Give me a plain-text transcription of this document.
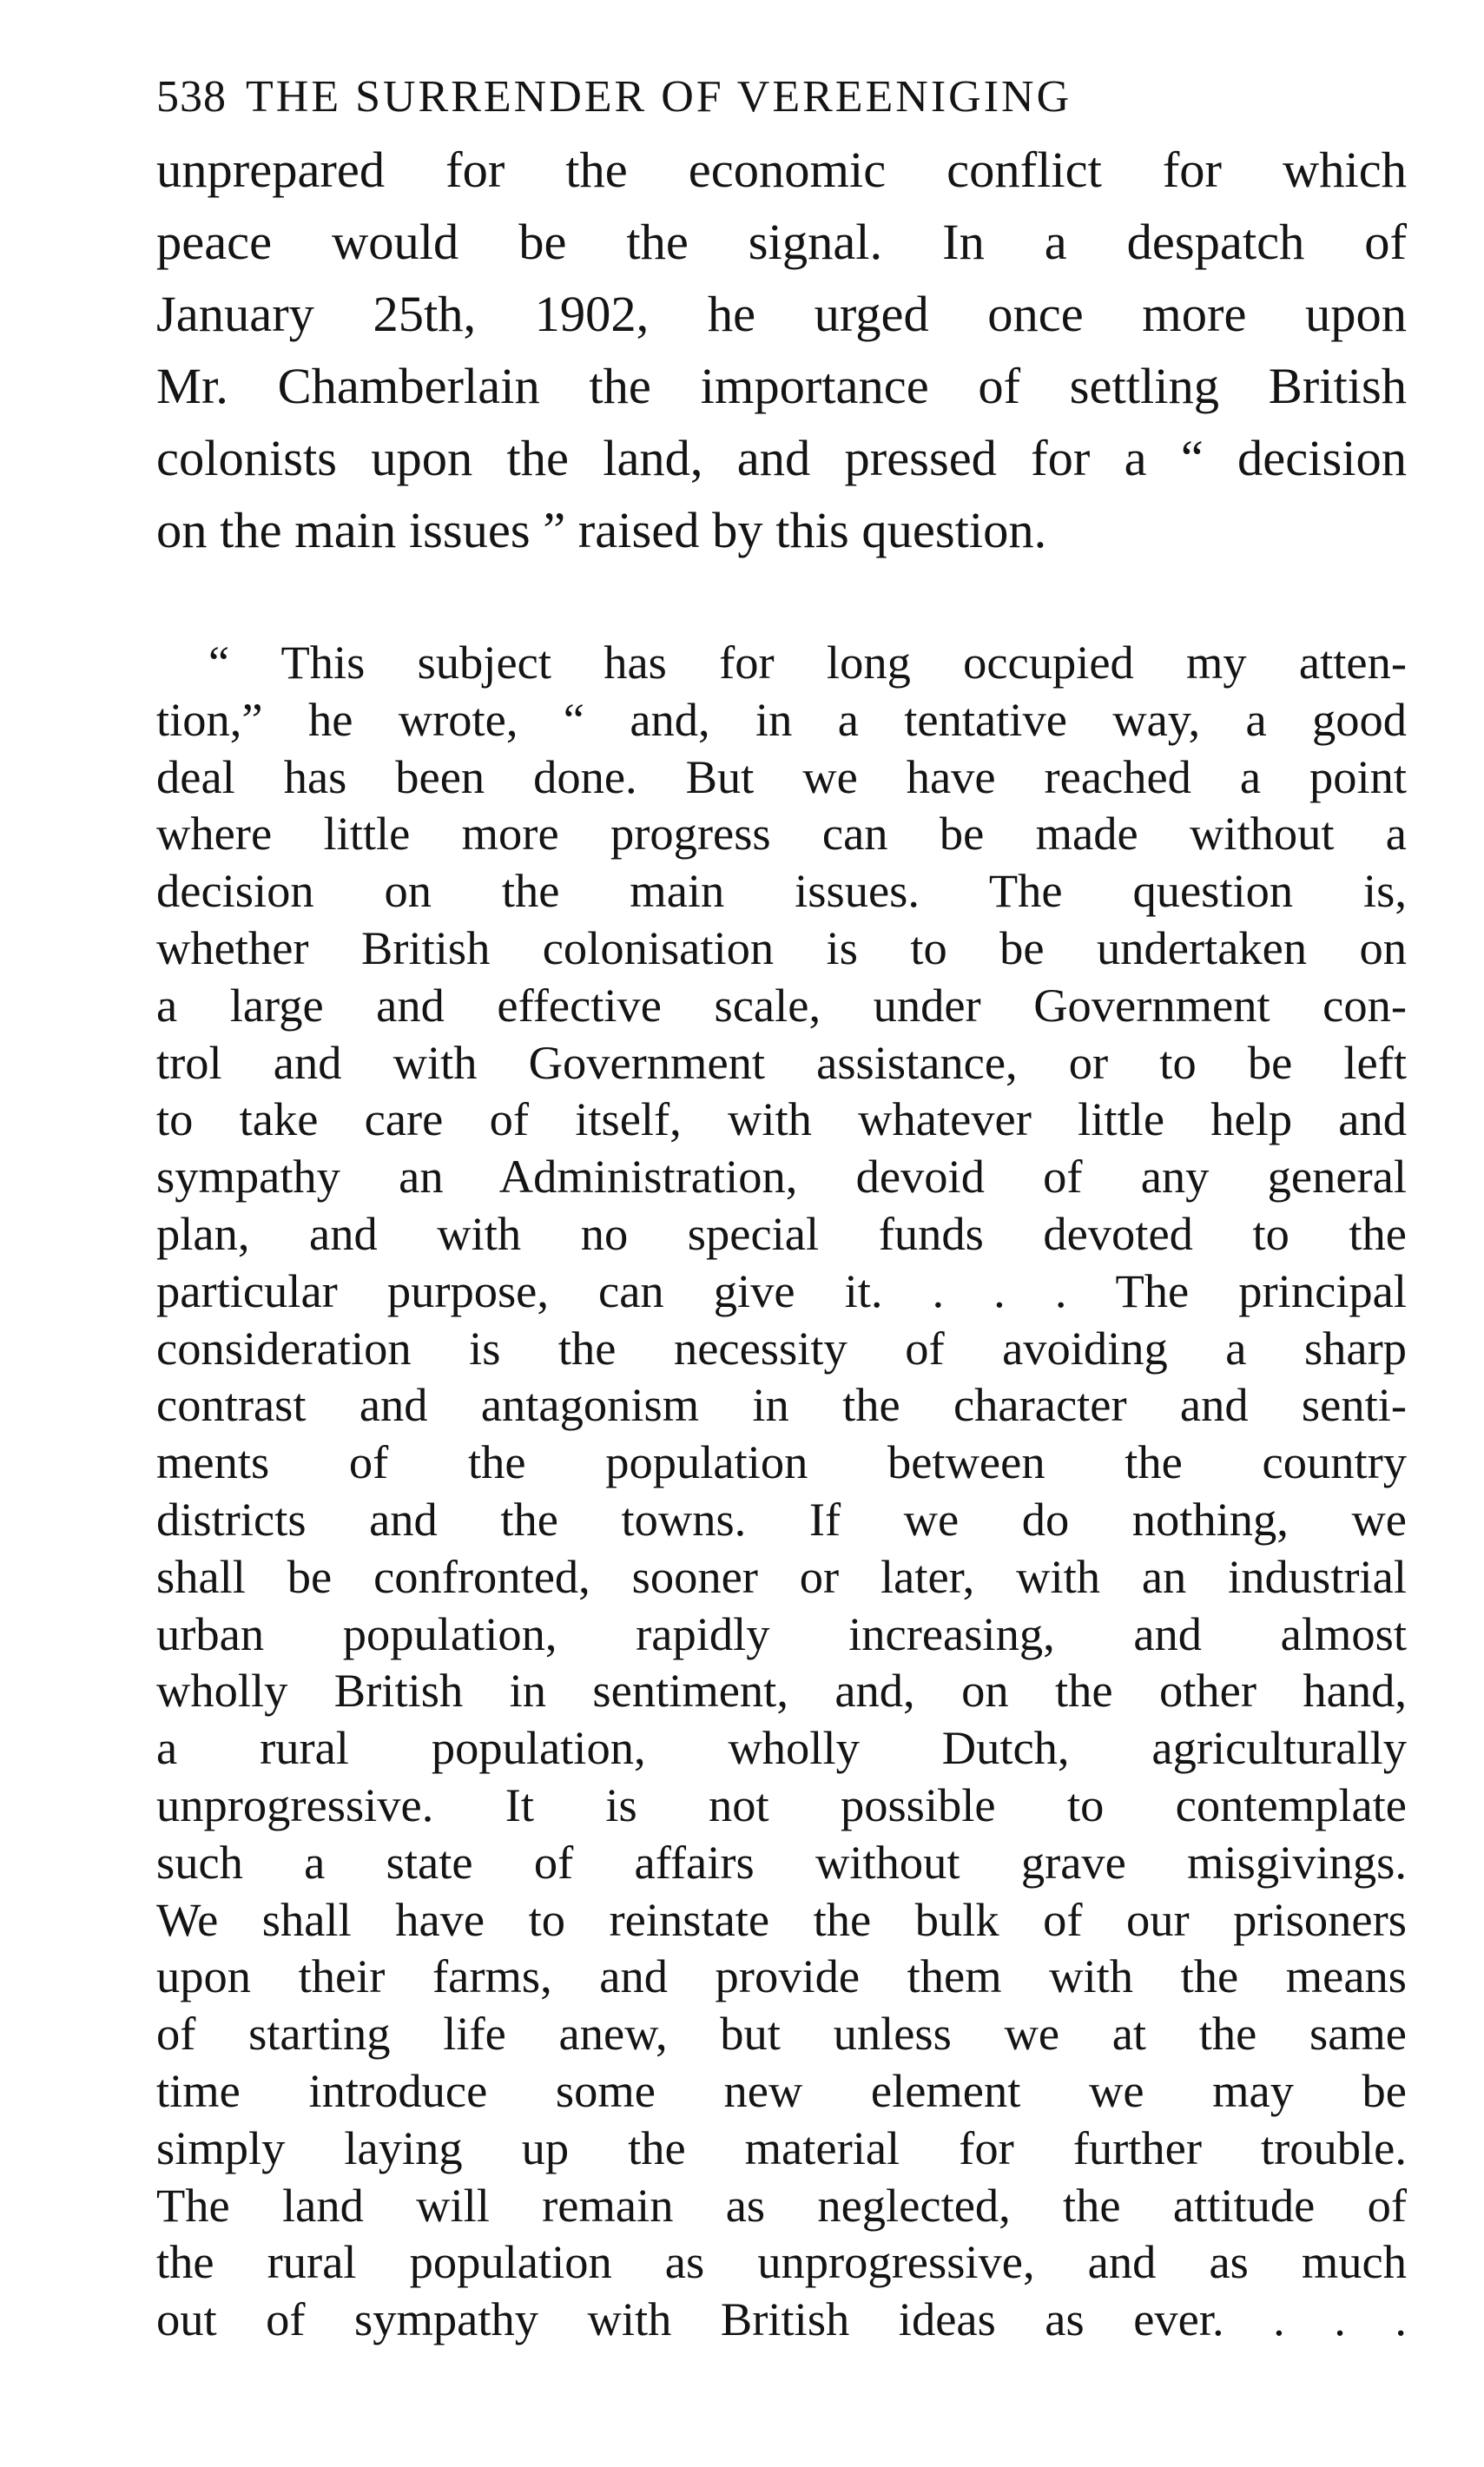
538 THE SURRENDER OF VEREENIGING

unprepared for the economic conflict for which

peace would be the signal. In a despatch of

January 25th, 1902, he urged once more upon

Mr. Chamberlain the importance of settling British

colonists upon the land, and pressed for a “ decision

on the main issues ” raised by this question.

“ This subject has for long occupied my atten-

tion,” he wrote, “ and, in a tentative way, a good

deal has been done. But we have reached a point

where little more progress can be made without a

decision on the main issues. The question is,

whether British colonisation is to be undertaken on

a large and effective scale, under Government con-

trol and with Government assistance, or to be left

to take care of itself, with whatever little help and

sympathy an Administration, devoid of any general

plan, and with no special funds devoted to the

particular purpose, can give it. . . . The principal

consideration is the necessity of avoiding a sharp

contrast and antagonism in the character and senti-

ments of the population between the country

districts and the towns. If we do nothing, we

shall be confronted, sooner or later, with an industrial

urban population, rapidly increasing, and almost

wholly British in sentiment, and, on the other hand,

a rural population, wholly Dutch, agriculturally

unprogressive. It is not possible to contemplate

such a state of affairs without grave misgivings.

We shall have to reinstate the bulk of our prisoners

upon their farms, and provide them with the means

of starting life anew, but unless we at the same

time introduce some new element we may be

simply laying up the material for further trouble.

The land will remain as neglected, the attitude of

the rural population as unprogressive, and as much

out of sympathy with British ideas as ever. . . .
